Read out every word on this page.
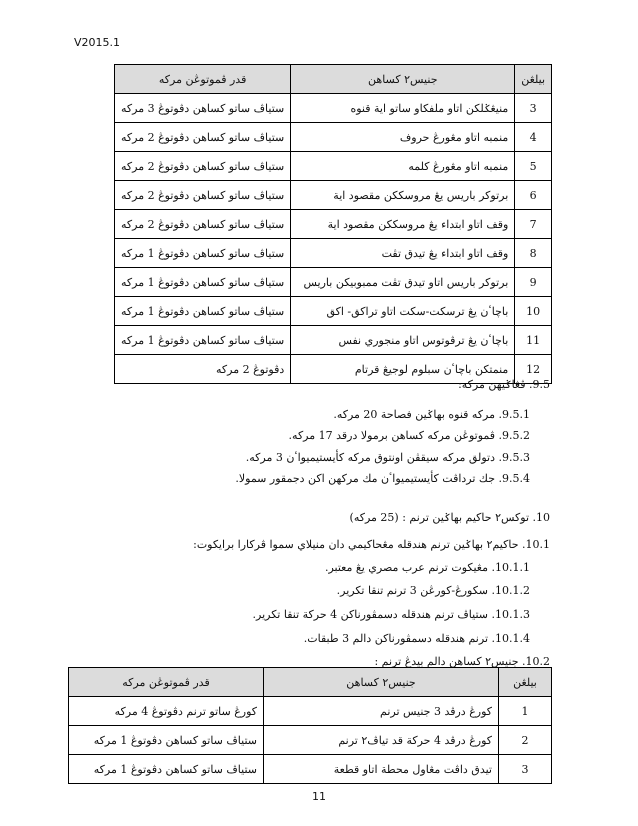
V2015.1
بيلڠن	جنيس٢ كساهن	قدر ڤموتوڠن مركه
3	منيڠݢلكن اتاو ملفكاو ساتو اية قنوه	ستياڤ ساتو كساهن دڤوتوڠ 3 مركه
4	منمبه اتاو مڠورڠ حروف	ستياڤ ساتو كساهن دڤوتوڠ 2 مركه
5	منمبه اتاو مڠورڠ كلمه	ستياڤ ساتو كساهن دڤوتوڠ 2 مركه
6	برتوكر باريس يڠ مروسككن مقصود اية	ستياڤ ساتو كساهن دڤوتوڠ 2 مركه
7	وقف اتاو ابتداء يڠ مروسككن مقصود اية	ستياڤ ساتو كساهن دڤوتوڠ 2 مركه
8	وقف اتاو ابتداء يڠ تيدق تڤت	ستياڤ ساتو كساهن دڤوتوڠ 1 مركه
9	برتوكر باريس اتاو تيدق تڤت ممبوبيكن باريس	ستياڤ ساتو كساهن دڤوتوڠ 1 مركه
10	باچاٴن يڠ ترسكت-سكت اتاو تراكق- اكق	ستياڤ ساتو كساهن دڤوتوڠ 1 مركه
11	باچاٴن يڠ ترڤوتوس اتاو منجوري نفس	ستياڤ ساتو كساهن دڤوتوڠ 1 مركه
12	منمتكن باچاٴن سبلوم لوجيڠ قرتام	دڤوتوڠ 2 مركه
9.5. ڤڠاݢيهن مركه:
9.5.1. مركه قنوه بهاݢين فصاحة 20 مركه.
9.5.2. ڤموتوڠن مركه كساهن برمولا درقد 17 مركه.
9.5.3. دتولق مركه سيقڤن اونتوق مركه كأيستيميواٴن 3 مركه.
9.5.4. جك ترداڤت كأيستيميواٴن مك مركهن اكن دجمقور سمولا.
10. توكس٢ حاكيم بهاݢين ترنم : (25 مركه)
10.1. حاكيم٢ بهاݢين ترنم هندقله مڠحاكيمي دان منيلاي سموا ڤركارا برايكوت:
10.1.1. مڠيكوت ترنم عرب مصري يڠ معتبر.
10.1.2. سكورڠ-كورڠن 3 ترنم تنقا تكرير.
10.1.3. ستياڤ ترنم هندقله دسمڤورناكن 4 حركة تنقا تكرير.
10.1.4. ترنم هندقله دسمڤورناكن دالم 3 طبقات.
10.2. جنيس٢ كساهن دالم بيدڠ ترنم :
بيلڠن	جنيس٢ كساهن	قدر ڤموتوڠن مركه
1	كورڠ درڤد 3 جنيس ترنم	كورڠ ساتو ترنم دڤوتوڠ 4 مركه
2	كورڠ درڤد 4 حركة قد تياڤ٢ ترنم	ستياڤ ساتو كساهن دڤوتوڠ 1 مركه
3	تيدق داڤت مڠاول محطة اتاو قطعة	ستياڤ ساتو كساهن دڤوتوڠ 1 مركه
11
